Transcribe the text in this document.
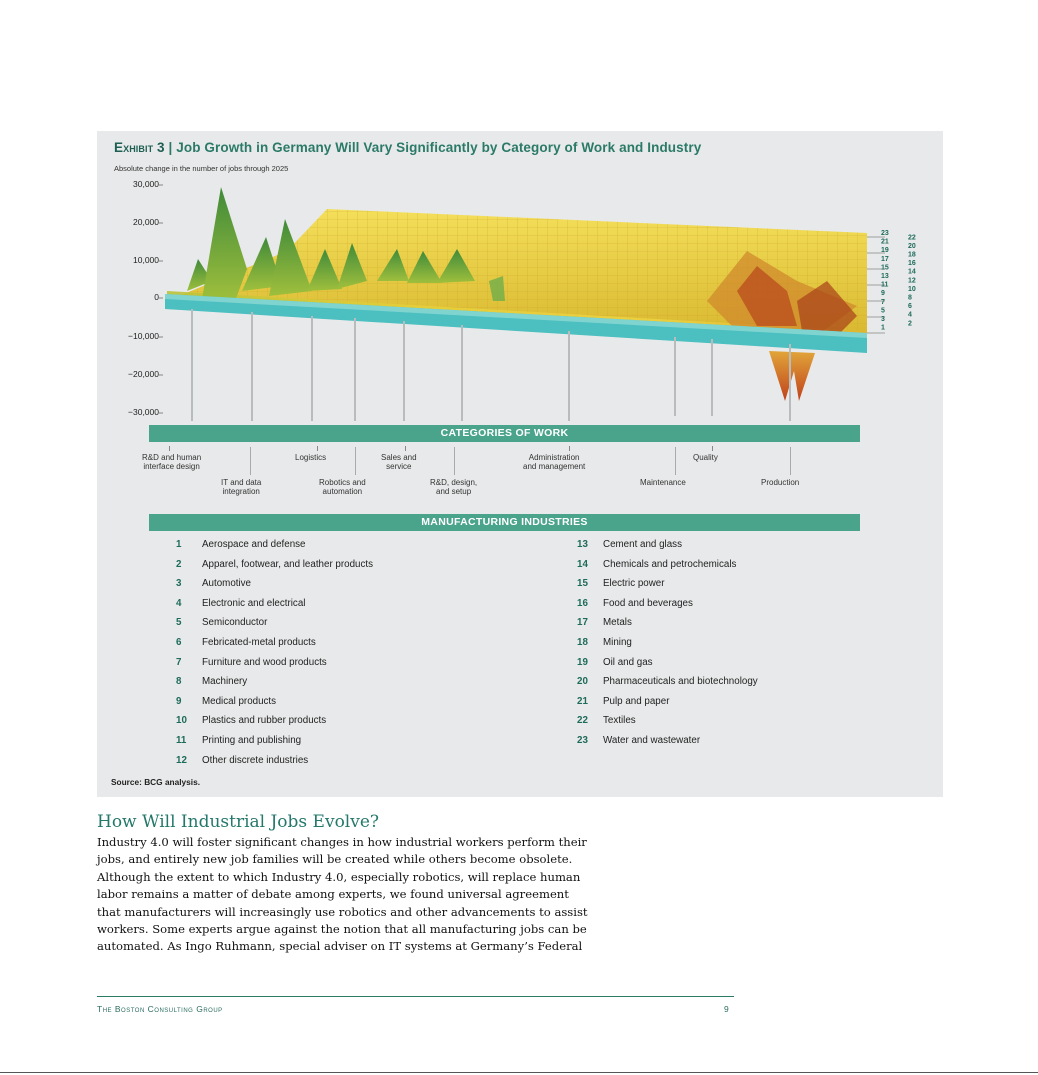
Exhibit 3 | Job Growth in Germany Will Vary Significantly by Category of Work and Industry
Absolute change in the number of jobs through 2025
30,000
20,000
10,000
0
−10,000
−20,000
−30,000
23
22
21
20
19
18
17
16
15
14
13
12
11
10
9
8
7
6
5
4
3
2
1
CATEGORIES OF WORK
R&D and human
interface design
IT and data
integration
Logistics
Robotics and
automation
Sales and
service
R&D, design,
and setup
Administration
and management
Maintenance
Quality
Production
MANUFACTURING INDUSTRIES
1 Aerospace and defense
2 Apparel, footwear, and leather products
3 Automotive
4 Electronic and electrical
5 Semiconductor
6 Febricated-metal products
7 Furniture and wood products
8 Machinery
9 Medical products
10 Plastics and rubber products
11 Printing and publishing
12 Other discrete industries
13 Cement and glass
14 Chemicals and petrochemicals
15 Electric power
16 Food and beverages
17 Metals
18 Mining
19 Oil and gas
20 Pharmaceuticals and biotechnology
21 Pulp and paper
22 Textiles
23 Water and wastewater
Source: BCG analysis.
How Will Industrial Jobs Evolve?
Industry 4.0 will foster significant changes in how industrial workers perform their
jobs, and entirely new job families will be created while others become obsolete.
Although the extent to which Industry 4.0, especially robotics, will replace human
labor remains a matter of debate among experts, we found universal agreement
that manufacturers will increasingly use robotics and other advancements to assist
workers. Some experts argue against the notion that all manufacturing jobs can be
automated. As Ingo Ruhmann, special adviser on IT systems at Germany’s Federal
The Boston Consulting Group	9
